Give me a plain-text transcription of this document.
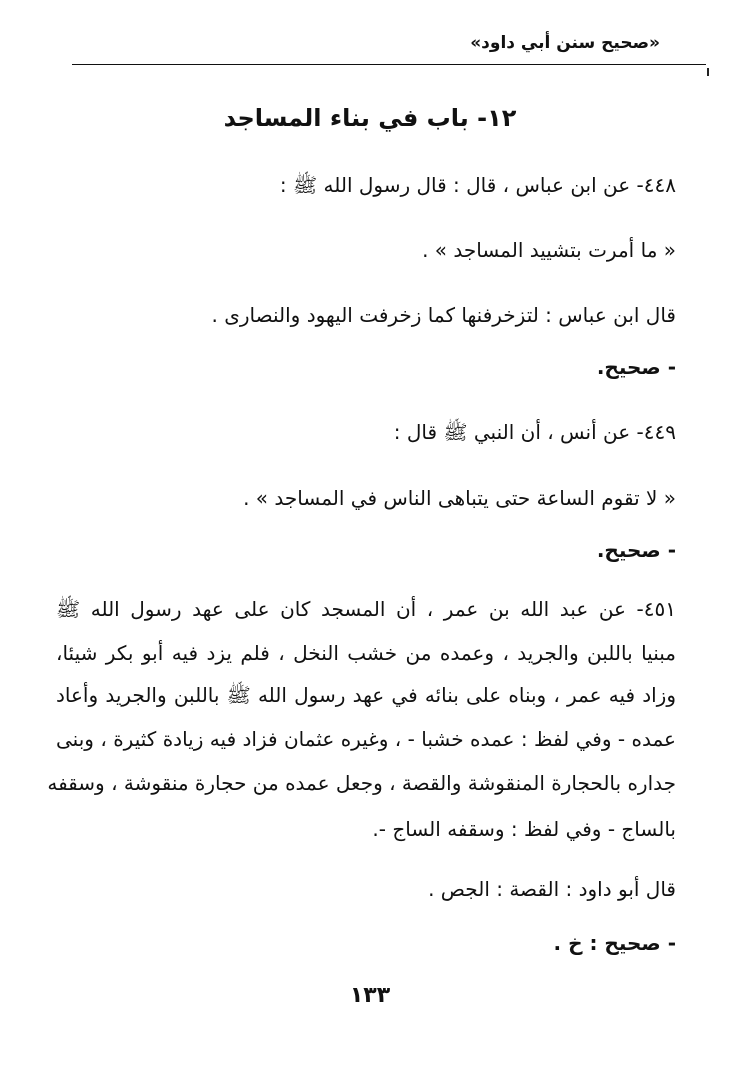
«صحيح سنن أبي داود»
١٢- باب في بناء المساجد
٤٤٨- عن ابن عباس ، قال : قال رسول الله ﷺ :
« ما أمرت بتشييد المساجد » .
قال ابن عباس : لتزخرفنها كما زخرفت اليهود والنصارى .
- صحيح.
٤٤٩- عن أنس ، أن النبي ﷺ قال :
« لا تقوم الساعة حتى يتباهى الناس في المساجد » .
- صحيح.
٤٥١- عن عبد الله بن عمر ، أن المسجد كان على عهد رسول الله ﷺ
مبنيا باللبن والجريد ، وعمده من خشب النخل ، فلم يزد فيه أبو بكر شيئا،
وزاد فيه عمر ، وبناه على بنائه في عهد رسول الله ﷺ باللبن والجريد وأعاد
عمده - وفي لفظ : عمده خشبا - ، وغيره عثمان فزاد فيه زيادة كثيرة ، وبنى
جداره بالحجارة المنقوشة والقصة ، وجعل عمده من حجارة منقوشة ، وسقفه
بالساج - وفي لفظ : وسقفه الساج -.
قال أبو داود : القصة : الجص .
- صحيح : خ .
١٣٣
